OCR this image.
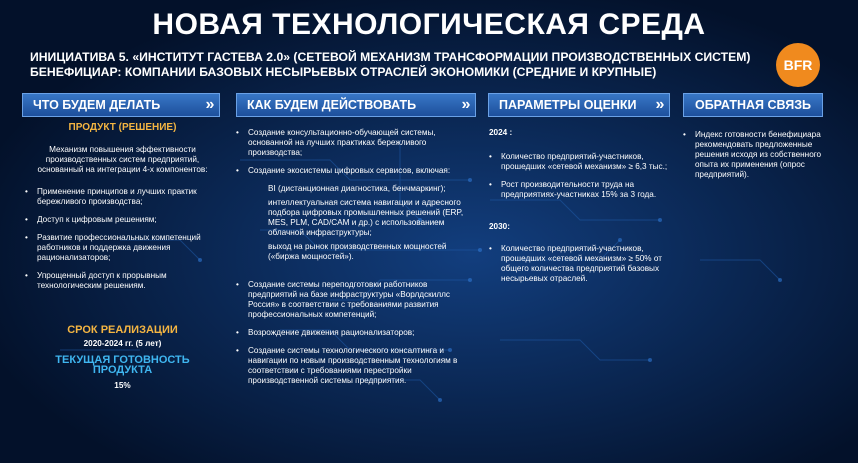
НОВАЯ ТЕХНОЛОГИЧЕСКАЯ СРЕДА
ИНИЦИАТИВА 5. «ИНСТИТУТ ГАСТЕВА 2.0» (СЕТЕВОЙ МЕХАНИЗМ ТРАНСФОРМАЦИИ ПРОИЗВОДСТВЕННЫХ СИСТЕМ)
БЕНЕФИЦИАР: КОМПАНИИ БАЗОВЫХ НЕСЫРЬЕВЫХ ОТРАСЛЕЙ ЭКОНОМИКИ (СРЕДНИЕ И КРУПНЫЕ)	BFR
ЧТО БУДЕМ ДЕЛАТЬ	»	КАК БУДЕМ ДЕЙСТВОВАТЬ	»	ПАРАМЕТРЫ ОЦЕНКИ	»	ОБРАТНАЯ СВЯЗЬ
ПРОДУКТ (РЕШЕНИЕ)
Механизм повышения эффективности производственных систем предприятий, основанный на интеграции 4-х компонентов:
• Применение принципов и лучших практик бережливого производства;
• Доступ к цифровым решениям;
• Развитие профессиональных компетенций работников и поддержка движения рационализаторов;
• Упрощенный доступ к прорывным технологическим решениям.
СРОК РЕАЛИЗАЦИИ
2020-2024 гг. (5 лет)
ТЕКУЩАЯ ГОТОВНОСТЬ ПРОДУКТА
15%
• Создание консультационно-обучающей системы, основанной на лучших практиках бережливого производства;
• Создание экосистемы цифровых сервисов, включая:
BI (дистанционная диагностика, бенчмаркинг);
интеллектуальная система навигации и адресного подбора цифровых промышленных решений (ERP, MES, PLM, CAD/CAM и др.) с использованием облачной инфраструктуры;
выход на рынок производственных мощностей («биржа мощностей»).
• Создание системы переподготовки работников предприятий на базе инфраструктуры «Ворлдскиллс Россия» в соответствии с требованиями развития профессиональных компетенций;
• Возрождение движения рационализаторов;
• Создание системы технологического консалтинга и навигации по новым производственным технологиям в соответствии с требованиями перестройки производственной системы предприятия.
2024 :
• Количество предприятий-участников, прошедших «сетевой механизм» ≥ 6,3 тыс.;
• Рост производительности труда на предприятиях-участниках 15% за 3 года.
2030:
• Количество предприятий-участников, прошедших «сетевой механизм» ≥ 50% от общего количества предприятий базовых несырьевых отраслей.
• Индекс готовности бенефициара рекомендовать предложенные решения исходя из собственного опыта их применения (опрос предприятий).
